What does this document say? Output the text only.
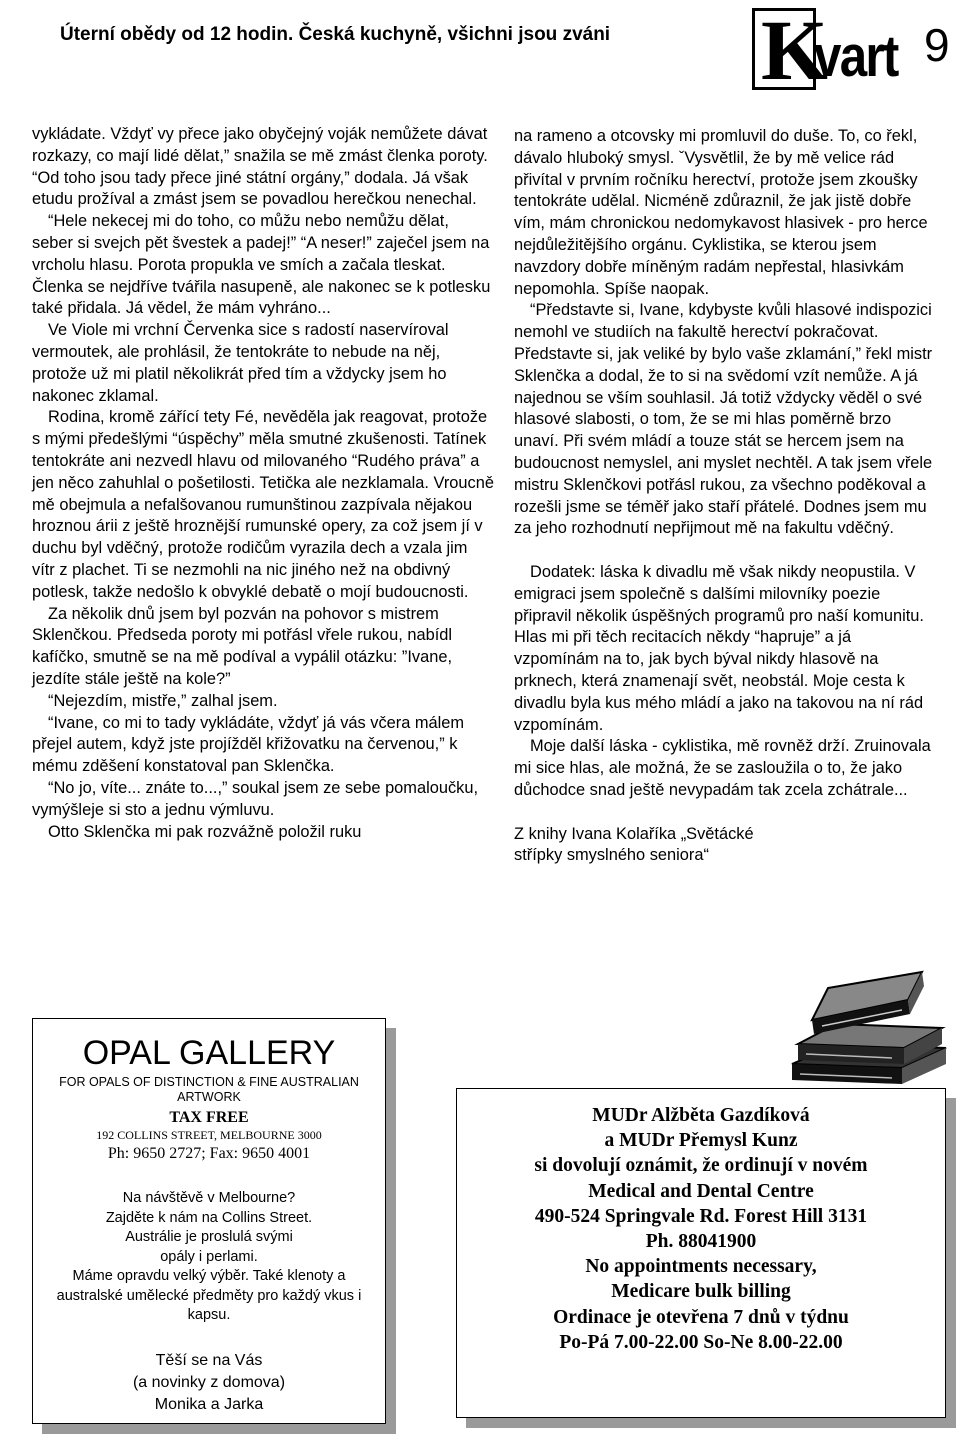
Úterní obědy od 12 hodin. Česká kuchyně, všichni jsou zváni K
vart 9

vykládate. Vždyť vy přece jako obyčejný voják nemůžete dávat rozkazy, co mají lidé dělat,” snažila se mě zmást členka poroty. “Od toho jsou tady přece jiné státní orgány,” dodala. Já však etudu prožíval a zmást jsem se povadlou herečkou nenechal.

“Hele nekecej mi do toho, co můžu nebo nemůžu dělat, seber si svejch pět švestek a padej!” “A neser!” zaječel jsem na vrcholu hlasu. Porota propukla ve smích a začala tleskat. Členka se nejdříve tvářila nasupeně, ale nakonec se k potlesku také přidala. Já vědel, že mám vyhráno...

Ve Viole mi vrchní Červenka sice s radostí naservíroval vermoutek, ale prohlásil, že tentokráte to nebude na něj, protože už mi platil několikrát před tím a vždycky jsem ho nakonec zklamal.

Rodina, kromě zářící tety Fé, nevěděla jak reagovat, protože s mými předešlými “úspěchy” měla smutné zkušenosti. Tatínek tentokráte ani nezvedl hlavu od milovaného “Rudého práva” a jen něco zahuhlal o pošetilosti. Tetička ale nezklamala. Vroucně mě obejmula a nefalšovanou rumunštinou zazpívala nějakou hroznou árii z ještě hroznější rumunské opery, za což jsem jí v duchu byl vděčný, protože rodičům vyrazila dech a vzala jim vítr z plachet. Ti se nezmohli na nic jiného než na obdivný potlesk, takže nedošlo k obvyklé debatě o mojí budoucnosti.

Za několik dnů jsem byl pozván na pohovor s mistrem Sklenčkou. Předseda poroty mi potřásl vřele rukou, nabídl kafíčko, smutně se na mě podíval a vypálil otázku: ”Ivane, jezdíte stále ještě na kole?”

“Nejezdím, mistře,” zalhal jsem.

“Ivane, co mi to tady vykládáte, vždyť já vás včera málem přejel autem, když jste projížděl křižovatku na červenou,” k mému zděšení konstatoval pan Sklenčka.

“No jo, víte... znáte to...,” soukal jsem ze sebe pomaloučku, vymýšleje si sto a jednu výmluvu.

Otto Sklenčka mi pak rozvážně položil ruku

na rameno a otcovsky mi promluvil do duše. To, co řekl, dávalo hluboký smysl. ˇVysvětlil, že by mě velice rád přivítal v prvním ročníku herectví, protože jsem zkoušky tentokráte udělal. Nicméně zdůraznil, že jak jistě dobře vím, mám chronickou nedomykavost hlasivek - pro herce nejdůležitějšího orgánu. Cyklistika, se kterou jsem navzdory dobře míněným radám nepřestal, hlasivkám nepomohla. Spíše naopak.

“Představte si, Ivane, kdybyste kvůli hlasové indispozici nemohl ve studiích na fakultě herectví pokračovat. Představte si, jak veliké by bylo vaše zklamání,” řekl mistr Sklenčka a dodal, že to si na svědomí vzít nemůže. A já najednou se vším souhlasil. Já totiž vždycky věděl o své hlasové slabosti, o tom, že se mi hlas poměrně brzo unaví. Při svém mládí a touze stát se hercem jsem na budoucnost nemyslel, ani myslet nechtěl. A tak jsem vřele mistru Sklenčkovi potřásl rukou, za všechno poděkoval a rozešli jsme se téměř jako staří přátelé. Dodnes jsem mu za jeho rozhodnutí nepřijmout mě na fakultu vděčný.

Dodatek: láska k divadlu mě však nikdy neopustila. V emigraci jsem společně s dalšími milovníky poezie připravil několik úspěšných programů pro naší komunitu. Hlas mi při těch recitacích někdy “hapruje” a já vzpomínám na to, jak bych býval nikdy hlasově na prknech, která znamenají svět, neobstál. Moje cesta k divadlu byla kus mého mládí a jako na takovou na ní rád vzpomínám.

Moje další láska - cyklistika, mě rovněž drží. Zruinovala mi sice hlas, ale možná, že se zasloužila o to, že jako důchodce snad ještě nevypadám tak zcela zchátrale...

Z knihy Ivana Kolaříka „Světácké střípky smyslného seniora“

OPAL GALLERY
FOR OPALS OF DISTINCTION & FINE AUSTRALIAN ARTWORK
TAX FREE
192 COLLINS STREET, MELBOURNE 3000
Ph: 9650 2727; Fax: 9650 4001
Na návštěvě v Melbourne?
Zajděte k nám na Collins Street.
Austrálie je proslulá svými opály i perlami.
Máme opravdu velký výběr. Také klenoty a australské umělecké předměty pro každý vkus i kapsu.
Těší se na Vás
(a novinky z domova)
Monika a Jarka
MUDr Alžběta Gazdíková
a MUDr Přemysl Kunz
si dovolují oznámit, že ordinují v novém
Medical and Dental Centre
490-524 Springvale Rd. Forest Hill 3131
Ph. 88041900
No appointments necessary,
Medicare bulk billing
Ordinace je otevřena 7 dnů v týdnu
Po-Pá 7.00-22.00 So-Ne 8.00-22.00
